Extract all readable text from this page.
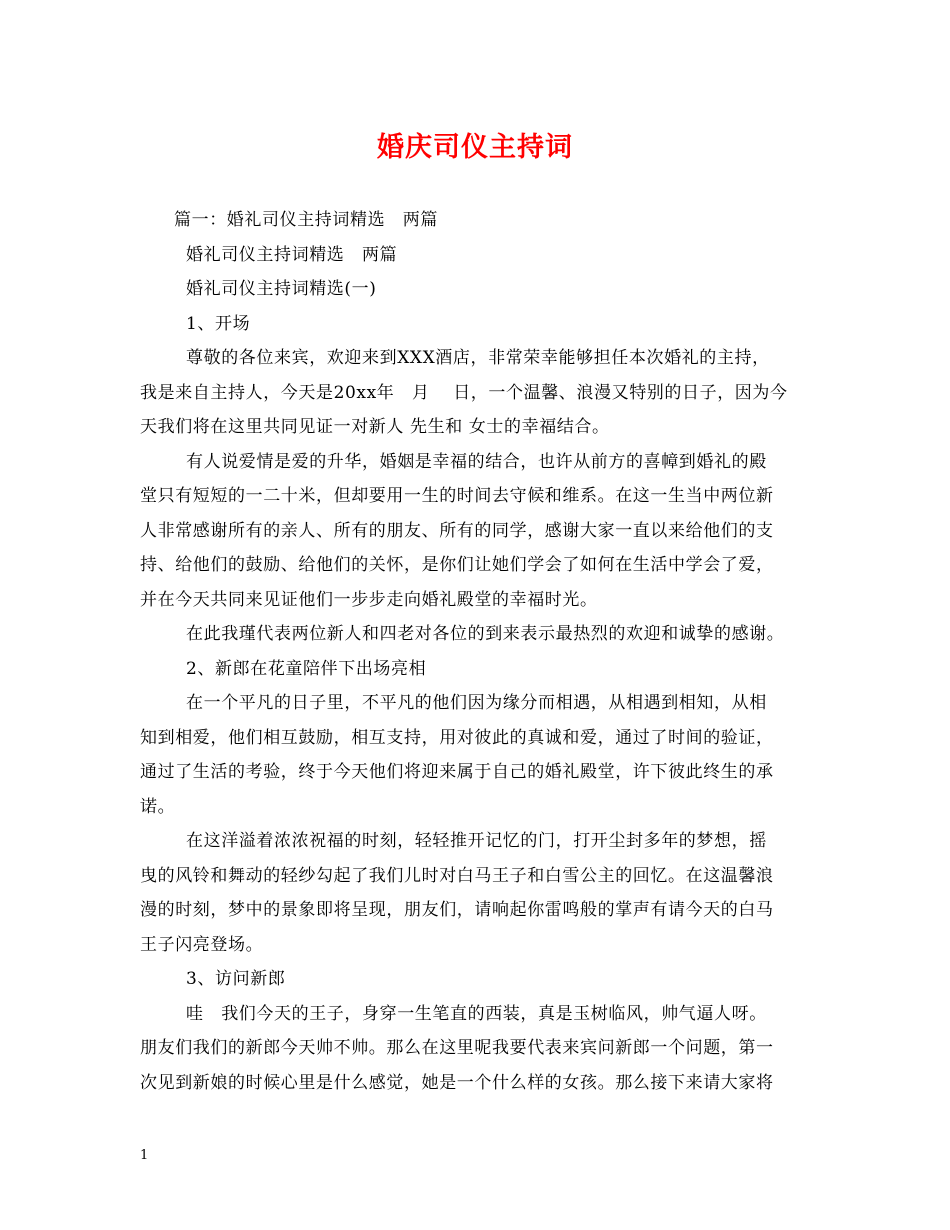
婚庆司仪主持词
篇一：婚礼司仪主持词精选　两篇
婚礼司仪主持词精选　两篇
婚礼司仪主持词精选(一)
1、开场
尊敬的各位来宾，欢迎来到XXX酒店，非常荣幸能够担任本次婚礼的主持，
我是来自主持人，今天是20xx年　月　 日，一个温馨、浪漫又特别的日子，因为今
天我们将在这里共同见证一对新人 先生和 女士的幸福结合。
有人说爱情是爱的升华，婚姻是幸福的结合，也许从前方的喜幛到婚礼的殿
堂只有短短的一二十米，但却要用一生的时间去守候和维系。在这一生当中两位新
人非常感谢所有的亲人、所有的朋友、所有的同学，感谢大家一直以来给他们的支
持、给他们的鼓励、给他们的关怀，是你们让她们学会了如何在生活中学会了爱，
并在今天共同来见证他们一步步走向婚礼殿堂的幸福时光。
在此我瑾代表两位新人和四老对各位的到来表示最热烈的欢迎和诚挚的感谢。
2、新郎在花童陪伴下出场亮相
在一个平凡的日子里，不平凡的他们因为缘分而相遇，从相遇到相知，从相
知到相爱，他们相互鼓励，相互支持，用对彼此的真诚和爱，通过了时间的验证，
通过了生活的考验，终于今天他们将迎来属于自己的婚礼殿堂，许下彼此终生的承
诺。
在这洋溢着浓浓祝福的时刻，轻轻推开记忆的门，打开尘封多年的梦想，摇
曳的风铃和舞动的轻纱勾起了我们儿时对白马王子和白雪公主的回忆。在这温馨浪
漫的时刻，梦中的景象即将呈现，朋友们，请响起你雷鸣般的掌声有请今天的白马
王子闪亮登场。
3、访问新郎
哇　我们今天的王子，身穿一生笔直的西装，真是玉树临风，帅气逼人呀。
朋友们我们的新郎今天帅不帅。那么在这里呢我要代表来宾问新郎一个问题，第一
次见到新娘的时候心里是什么感觉，她是一个什么样的女孩。那么接下来请大家将
1
